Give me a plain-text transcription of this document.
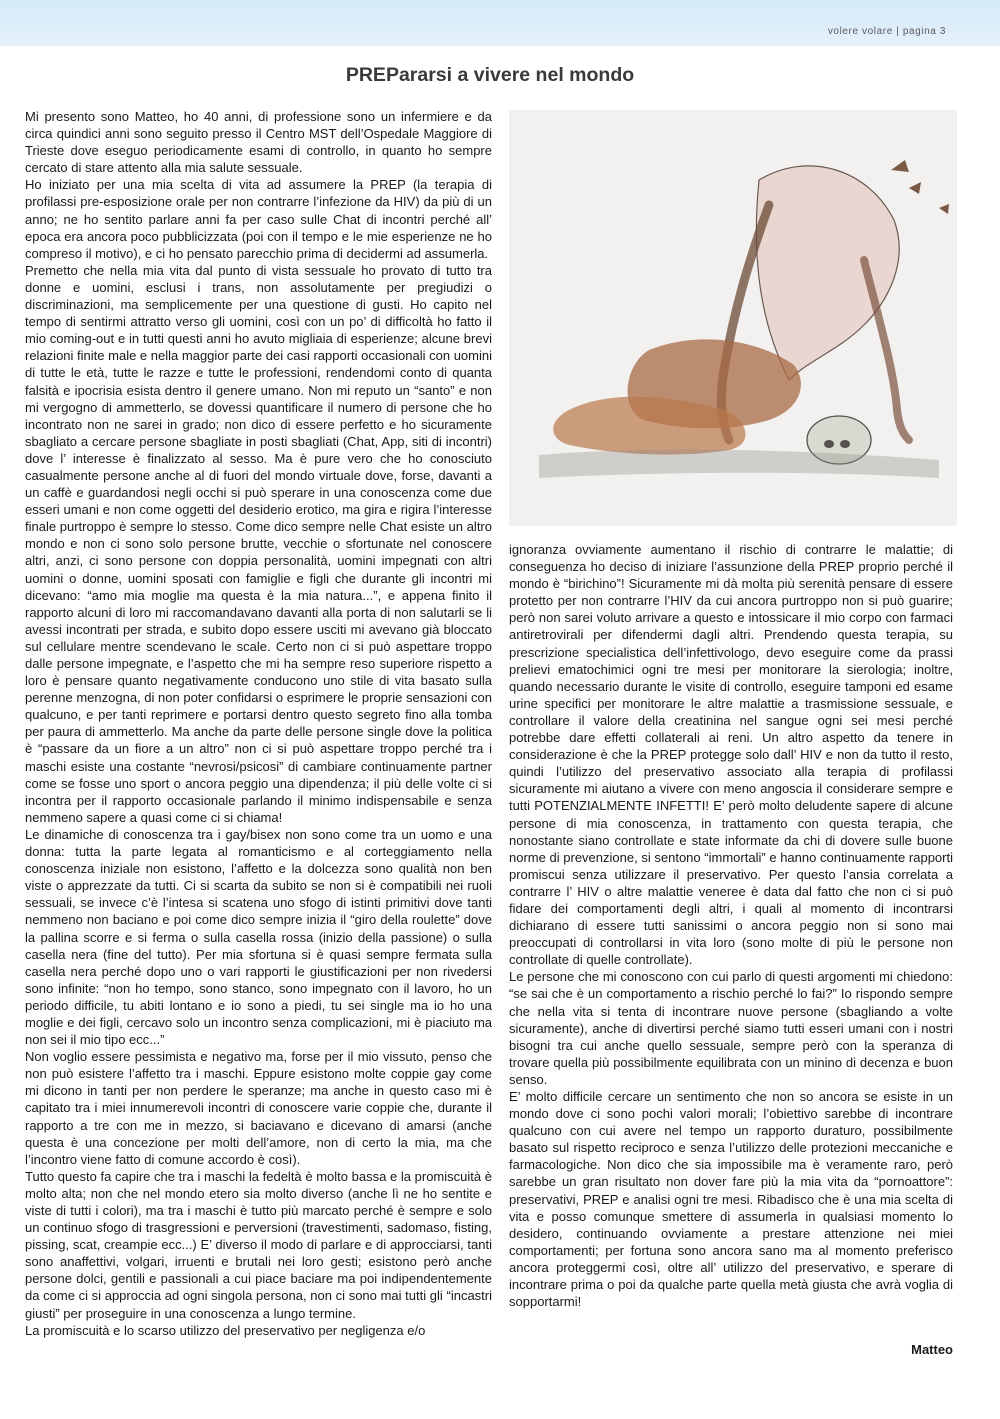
volere volare | pagina 3
PREPararsi a vivere nel mondo

Mi presento sono Matteo, ho 40 anni, di professione sono un infermiere e da circa quindici anni sono seguito presso il Centro MST dell’Ospedale Maggiore di Trieste dove eseguo periodicamente esami di controllo, in quanto ho sempre cercato di stare attento alla mia salute sessuale.

Ho iniziato per una mia scelta di vita ad assumere la PREP (la terapia di profilassi pre-esposizione orale per non contrarre l’infezione da HIV) da più di un anno; ne ho sentito parlare anni fa per caso sulle Chat di incontri perché all’ epoca era ancora poco pubblicizzata (poi con il tempo e le mie esperienze ne ho compreso il motivo), e ci ho pensato parecchio prima di decidermi ad assumerla.

Premetto che nella mia vita dal punto di vista sessuale ho provato di tutto tra donne e uomini, esclusi i trans, non assolutamente per pregiudizi o discriminazioni, ma semplicemente per una questione di gusti. Ho capito nel tempo di sentirmi attratto verso gli uomini, così con un po’ di difficoltà ho fatto il mio coming-out e in tutti questi anni ho avuto migliaia di esperienze; alcune brevi relazioni finite male e nella maggior parte dei casi rapporti occasionali con uomini di tutte le età, tutte le razze e tutte le professioni, rendendomi conto di quanta falsità e ipocrisia esista dentro il genere umano. Non mi reputo un “santo” e non mi vergogno di ammetterlo, se dovessi quantificare il numero di persone che ho incontrato non ne sarei in grado; non dico di essere perfetto e ho sicuramente sbagliato a cercare persone sbagliate in posti sbagliati (Chat, App, siti di incontri) dove l’ interesse è finalizzato al sesso. Ma è pure vero che ho conosciuto casualmente persone anche al di fuori del mondo virtuale dove, forse, davanti a un caffè e guardandosi negli occhi si può sperare in una conoscenza come due esseri umani e non come oggetti del desiderio erotico, ma gira e rigira l’interesse finale purtroppo è sempre lo stesso. Come dico sempre nelle Chat esiste un altro mondo e non ci sono solo persone brutte, vecchie o sfortunate nel conoscere altri, anzi, ci sono persone con doppia personalità, uomini impegnati con altri uomini o donne, uomini sposati con famiglie e figli che durante gli incontri mi dicevano: “amo mia moglie ma questa è la mia natura...”, e appena finito il rapporto alcuni di loro mi raccomandavano davanti alla porta di non salutarli se li avessi incontrati per strada, e subito dopo essere usciti mi avevano già bloccato sul cellulare mentre scendevano le scale. Certo non ci si può aspettare troppo dalle persone impegnate, e l’aspetto che mi ha sempre reso superiore rispetto a loro è pensare quanto negativamente conducono uno stile di vita basato sulla perenne menzogna, di non poter confidarsi o esprimere le proprie sensazioni con qualcuno, e per tanti reprimere e portarsi dentro questo segreto fino alla tomba per paura di ammetterlo. Ma anche da parte delle persone single dove la politica è “passare da un fiore a un altro” non ci si può aspettare troppo perché tra i maschi esiste una costante “nevrosi/psicosi” di cambiare continuamente partner come se fosse uno sport o ancora peggio una dipendenza; il più delle volte ci si incontra per il rapporto occasionale parlando il minimo indispensabile e senza nemmeno sapere a quasi come ci si chiama!

Le dinamiche di conoscenza tra i gay/bisex non sono come tra un uomo e una donna: tutta la parte legata al romanticismo e al corteggiamento nella conoscenza iniziale non esistono, l’affetto e la dolcezza sono qualità non ben viste o apprezzate da tutti. Ci si scarta da subito se non si è compatibili nei ruoli sessuali, se invece c’è l’intesa si scatena uno sfogo di istinti primitivi dove tanti nemmeno non baciano e poi come dico sempre inizia il “giro della roulette” dove la pallina scorre e si ferma o sulla casella rossa (inizio della passione) o sulla casella nera (fine del tutto). Per mia sfortuna si è quasi sempre fermata sulla casella nera perché dopo uno o vari rapporti le giustificazioni per non rivedersi sono infinite: “non ho tempo, sono stanco, sono impegnato con il lavoro, ho un periodo difficile, tu abiti lontano e io sono a piedi, tu sei single ma io ho una moglie e dei figli, cercavo solo un incontro senza complicazioni, mi è piaciuto ma non sei il mio tipo ecc...”

Non voglio essere pessimista e negativo ma, forse per il mio vissuto, penso che non può esistere l’affetto tra i maschi. Eppure esistono molte coppie gay come mi dicono in tanti per non perdere le speranze; ma anche in questo caso mi è capitato tra i miei innumerevoli incontri di conoscere varie coppie che, durante il rapporto a tre con me in mezzo, si baciavano e dicevano di amarsi (anche questa è una concezione per molti dell’amore, non di certo la mia, ma che l’incontro viene fatto di comune accordo è così).

Tutto questo fa capire che tra i maschi la fedeltà è molto bassa e la promiscuità è molto alta; non che nel mondo etero sia molto diverso (anche lì ne ho sentite e viste di tutti i colori), ma tra i maschi è tutto più marcato perché è sempre e solo un continuo sfogo di trasgressioni e perversioni (travestimenti, sadomaso, fisting, pissing, scat, creampie ecc...) E’ diverso il modo di parlare e di approcciarsi, tanti sono anaffettivi, volgari, irruenti e brutali nei loro gesti; esistono però anche persone dolci, gentili e passionali a cui piace baciare ma poi indipendentemente da come ci si approccia ad ogni singola persona, non ci sono mai tutti gli “incastri giusti” per proseguire in una conoscenza a lungo termine.

La promiscuità e lo scarso utilizzo del preservativo per negligenza e/o

ignoranza ovviamente aumentano il rischio di contrarre le malattie; di conseguenza ho deciso di iniziare l’assunzione della PREP proprio perché il mondo è “birichino”! Sicuramente mi dà molta più serenità pensare di essere protetto per non contrarre l’HIV da cui ancora purtroppo non si può guarire; però non sarei voluto arrivare a questo e intossicare il mio corpo con farmaci antiretrovirali per difendermi dagli altri. Prendendo questa terapia, su prescrizione specialistica dell’infettivologo, devo eseguire come da prassi prelievi ematochimici ogni tre mesi per monitorare la sierologia; inoltre, quando necessario durante le visite di controllo, eseguire tamponi ed esame urine specifici per monitorare le altre malattie a trasmissione sessuale, e controllare il valore della creatinina nel sangue ogni sei mesi perché potrebbe dare effetti collaterali ai reni. Un altro aspetto da tenere in considerazione è che la PREP protegge solo dall’ HIV e non da tutto il resto, quindi l’utilizzo del preservativo associato alla terapia di profilassi sicuramente mi aiutano a vivere con meno angoscia il considerare sempre e tutti POTENZIALMENTE INFETTI! E’ però molto deludente sapere di alcune persone di mia conoscenza, in trattamento con questa terapia, che nonostante siano controllate e state informate da chi di dovere sulle buone norme di prevenzione, si sentono “immortali” e hanno continuamente rapporti promiscui senza utilizzare il preservativo. Per questo l’ansia correlata a contrarre l’ HIV o altre malattie veneree è data dal fatto che non ci si può fidare dei comportamenti degli altri, i quali al momento di incontrarsi dichiarano di essere tutti sanissimi o ancora peggio non si sono mai preoccupati di controllarsi in vita loro (sono molte di più le persone non controllate di quelle controllate).

Le persone che mi conoscono con cui parlo di questi argomenti mi chiedono: “se sai che è un comportamento a rischio perché lo fai?” Io rispondo sempre che nella vita si tenta di incontrare nuove persone (sbagliando a volte sicuramente), anche di divertirsi perché siamo tutti esseri umani con i nostri bisogni tra cui anche quello sessuale, sempre però con la speranza di trovare quella più possibilmente equilibrata con un minino di decenza e buon senso.

E’ molto difficile cercare un sentimento che non so ancora se esiste in un mondo dove ci sono pochi valori morali; l’obiettivo sarebbe di incontrare qualcuno con cui avere nel tempo un rapporto duraturo, possibilmente basato sul rispetto reciproco e senza l’utilizzo delle protezioni meccaniche e farmacologiche. Non dico che sia impossibile ma è veramente raro, però sarebbe un gran risultato non dover fare più la mia vita da “pornoattore”: preservativi, PREP e analisi ogni tre mesi. Ribadisco che è una mia scelta di vita e posso comunque smettere di assumerla in qualsiasi momento lo desidero, continuando ovviamente a prestare attenzione nei miei comportamenti; per fortuna sono ancora sano ma al momento preferisco ancora proteggermi così, oltre all’ utilizzo del preservativo, e sperare di incontrare prima o poi da qualche parte quella metà giusta che avrà voglia di sopportarmi!

Matteo
